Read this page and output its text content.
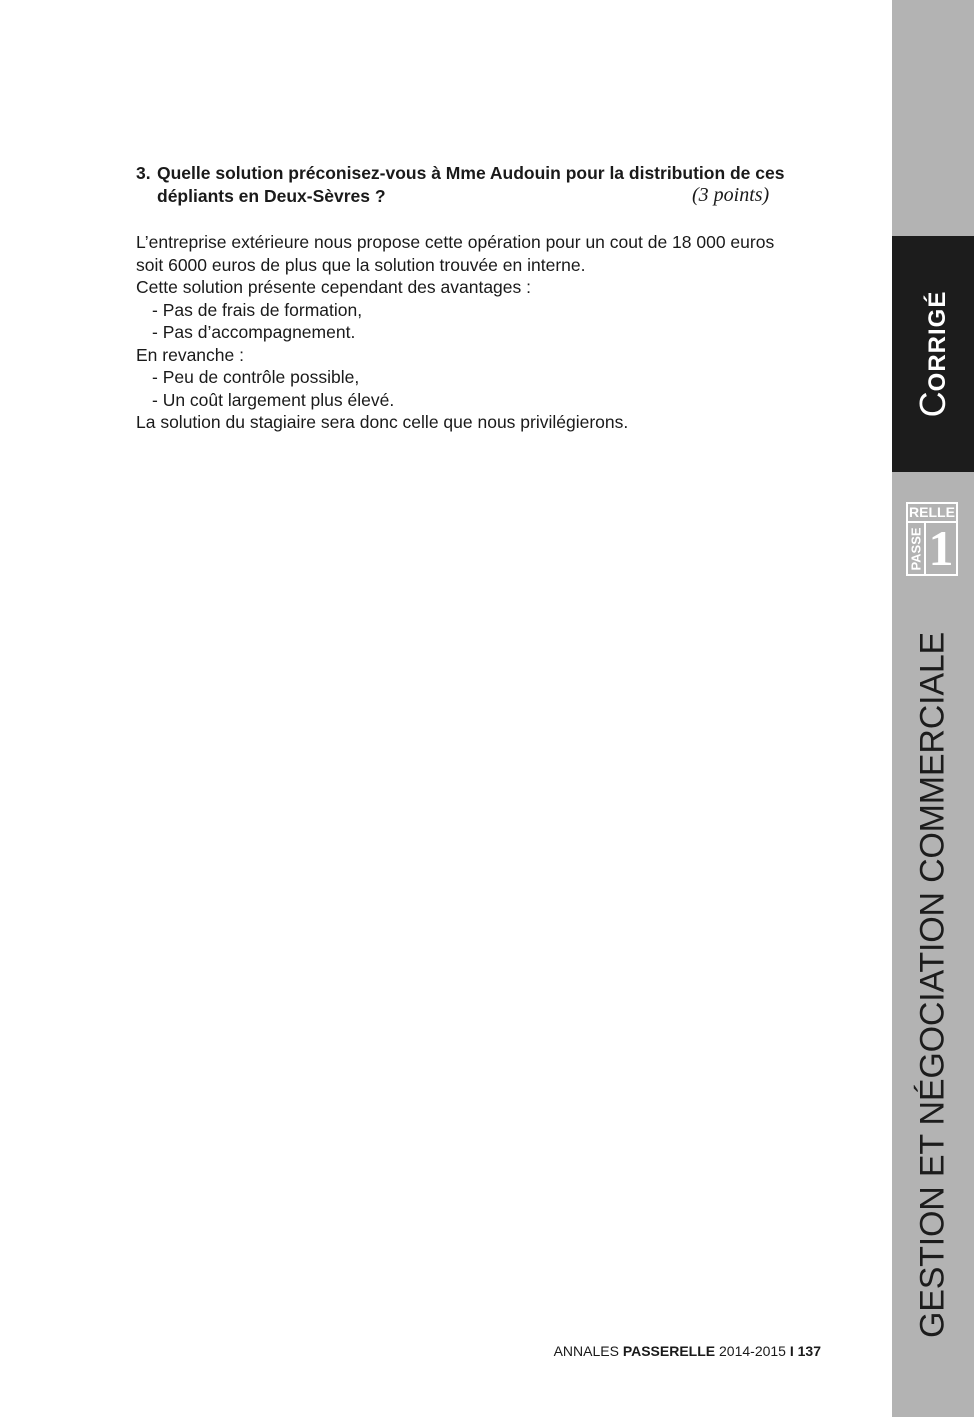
3. Quelle solution préconisez-vous à Mme Audouin pour la distribution de ces
dépliants en Deux-Sèvres ?	(3 points)
L’entreprise extérieure nous propose cette opération pour un cout de 18 000 euros
soit 6000 euros de plus que la solution trouvée en interne.
Cette solution présente cependant des avantages :
- Pas de frais de formation,
- Pas d’accompagnement.
En revanche :
- Peu de contrôle possible,
- Un coût largement plus élevé.
La solution du stagiaire sera donc celle que nous privilégierons.
CORRIGÉ
RELLE
PASSE 1
GESTION ET NÉGOCIATION COMMERCIALE
ANNALES PASSERELLE 2014-2015 I 137
